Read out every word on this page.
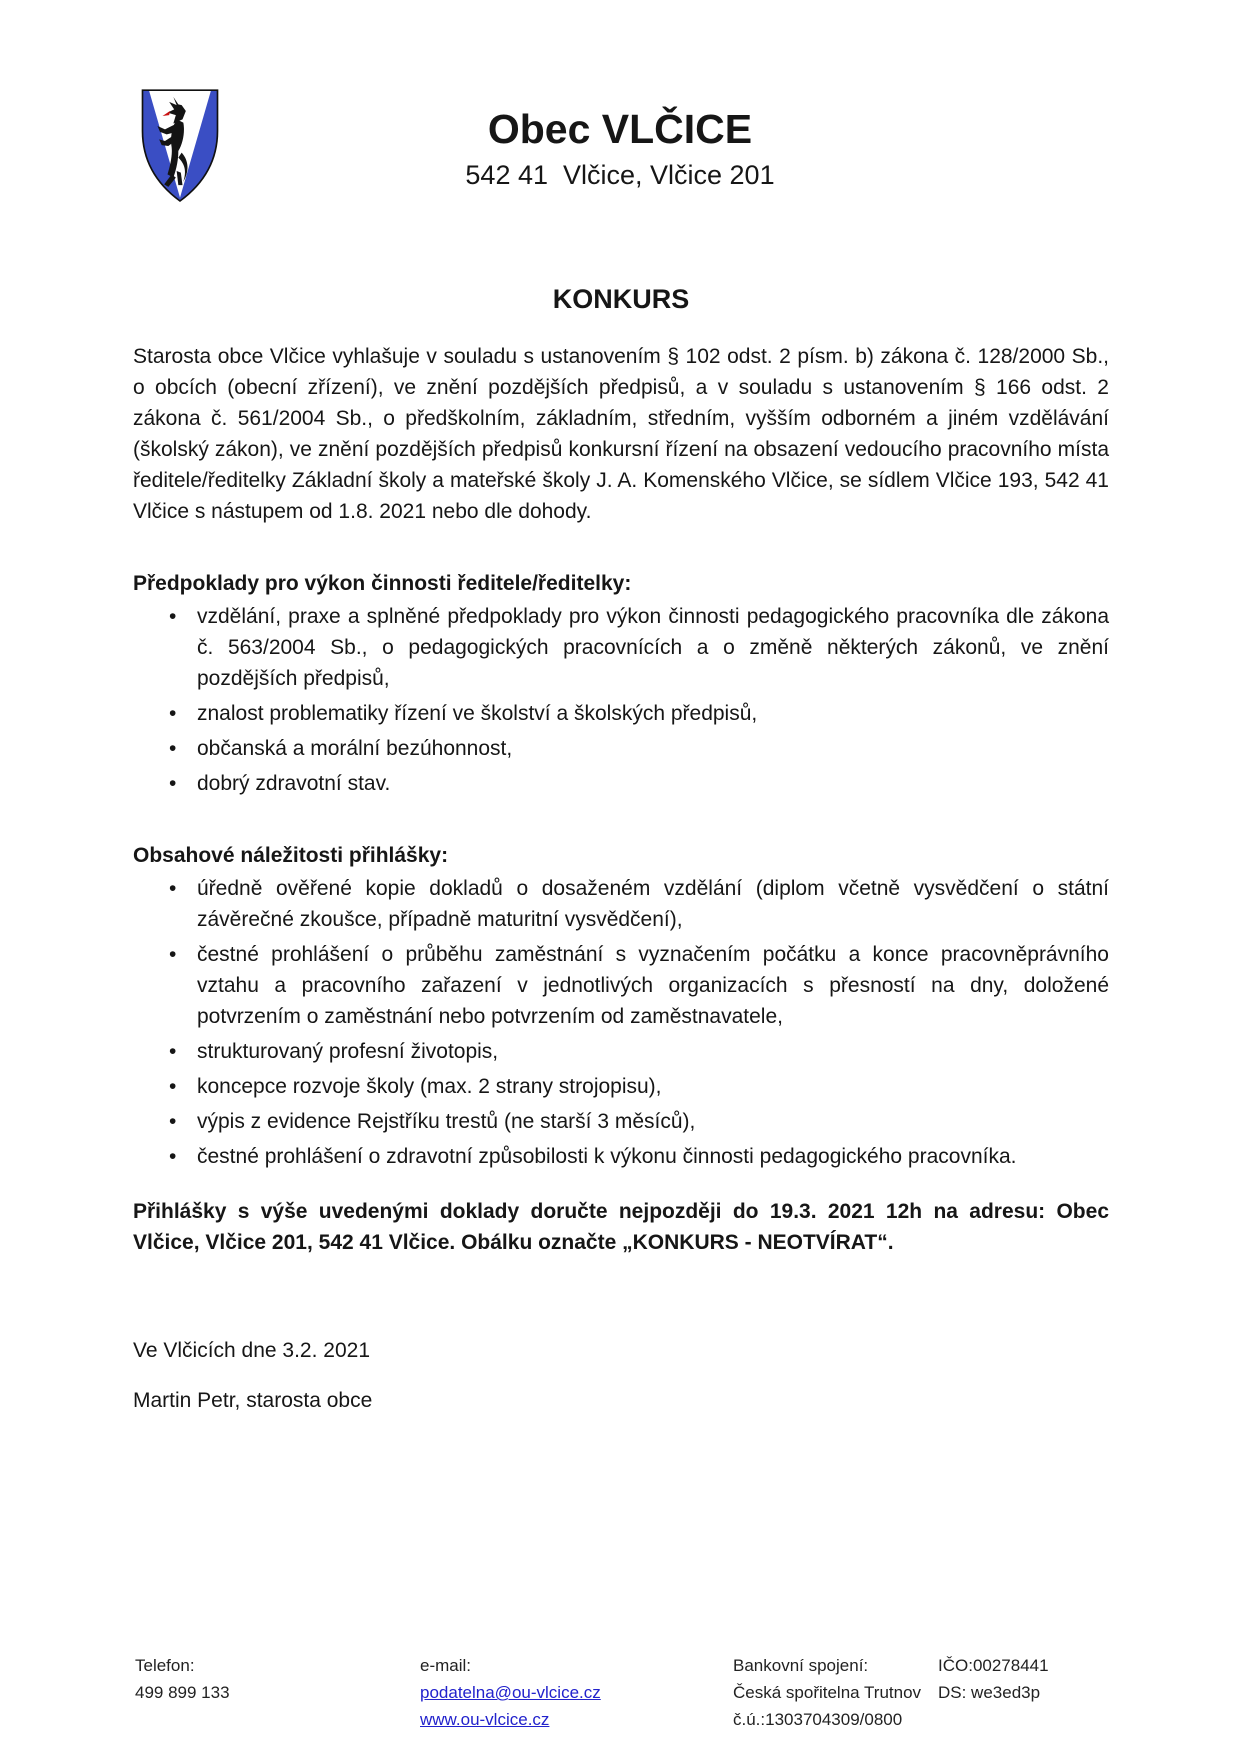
Obec VLČICE
542 41  Vlčice, Vlčice 201
KONKURS

Starosta obce Vlčice vyhlašuje v souladu s ustanovením § 102 odst. 2 písm. b) zákona č. 128/2000 Sb., o obcích (obecní zřízení), ve znění pozdějších předpisů, a v souladu s ustanovením § 166 odst. 2 zákona č. 561/2004 Sb., o předškolním, základním, středním, vyšším odborném a jiném vzdělávání (školský zákon), ve znění pozdějších předpisů konkursní řízení na obsazení vedoucího pracovního místa ředitele/ředitelky Základní školy a mateřské školy J. A. Komenského Vlčice, se sídlem Vlčice 193, 542 41 Vlčice s nástupem od 1.8. 2021 nebo dle dohody.

Předpoklady pro výkon činnosti ředitele/ředitelky:
• vzdělání, praxe a splněné předpoklady pro výkon činnosti pedagogického pracovníka dle zákona č. 563/2004 Sb., o pedagogických pracovnících a o změně některých zákonů, ve znění pozdějších předpisů,
• znalost problematiky řízení ve školství a školských předpisů,
• občanská a morální bezúhonnost,
• dobrý zdravotní stav.
Obsahové náležitosti přihlášky:
• úředně ověřené kopie dokladů o dosaženém vzdělání (diplom včetně vysvědčení o státní závěrečné zkoušce, případně maturitní vysvědčení),
• čestné prohlášení o průběhu zaměstnání s vyznačením počátku a konce pracovněprávního vztahu a pracovního zařazení v jednotlivých organizacích s přesností na dny, doložené potvrzením o zaměstnání nebo potvrzením od zaměstnavatele,
• strukturovaný profesní životopis,
• koncepce rozvoje školy (max. 2 strany strojopisu),
• výpis z evidence Rejstříku trestů (ne starší 3 měsíců),
• čestné prohlášení o zdravotní způsobilosti k výkonu činnosti pedagogického pracovníka.

Přihlášky s výše uvedenými doklady doručte nejpozději do 19.3. 2021 12h na adresu: Obec Vlčice, Vlčice 201, 542 41 Vlčice. Obálku označte „KONKURS - NEOTVÍRAT“.

Ve Vlčicích dne 3.2. 2021

Martin Petr, starosta obce

Telefon:
499 899 133
e-mail:
podatelna@ou-vlcice.cz
www.ou-vlcice.cz
Bankovní spojení:
Česká spořitelna Trutnov
č.ú.:1303704309/0800
IČO:00278441
DS: we3ed3p
